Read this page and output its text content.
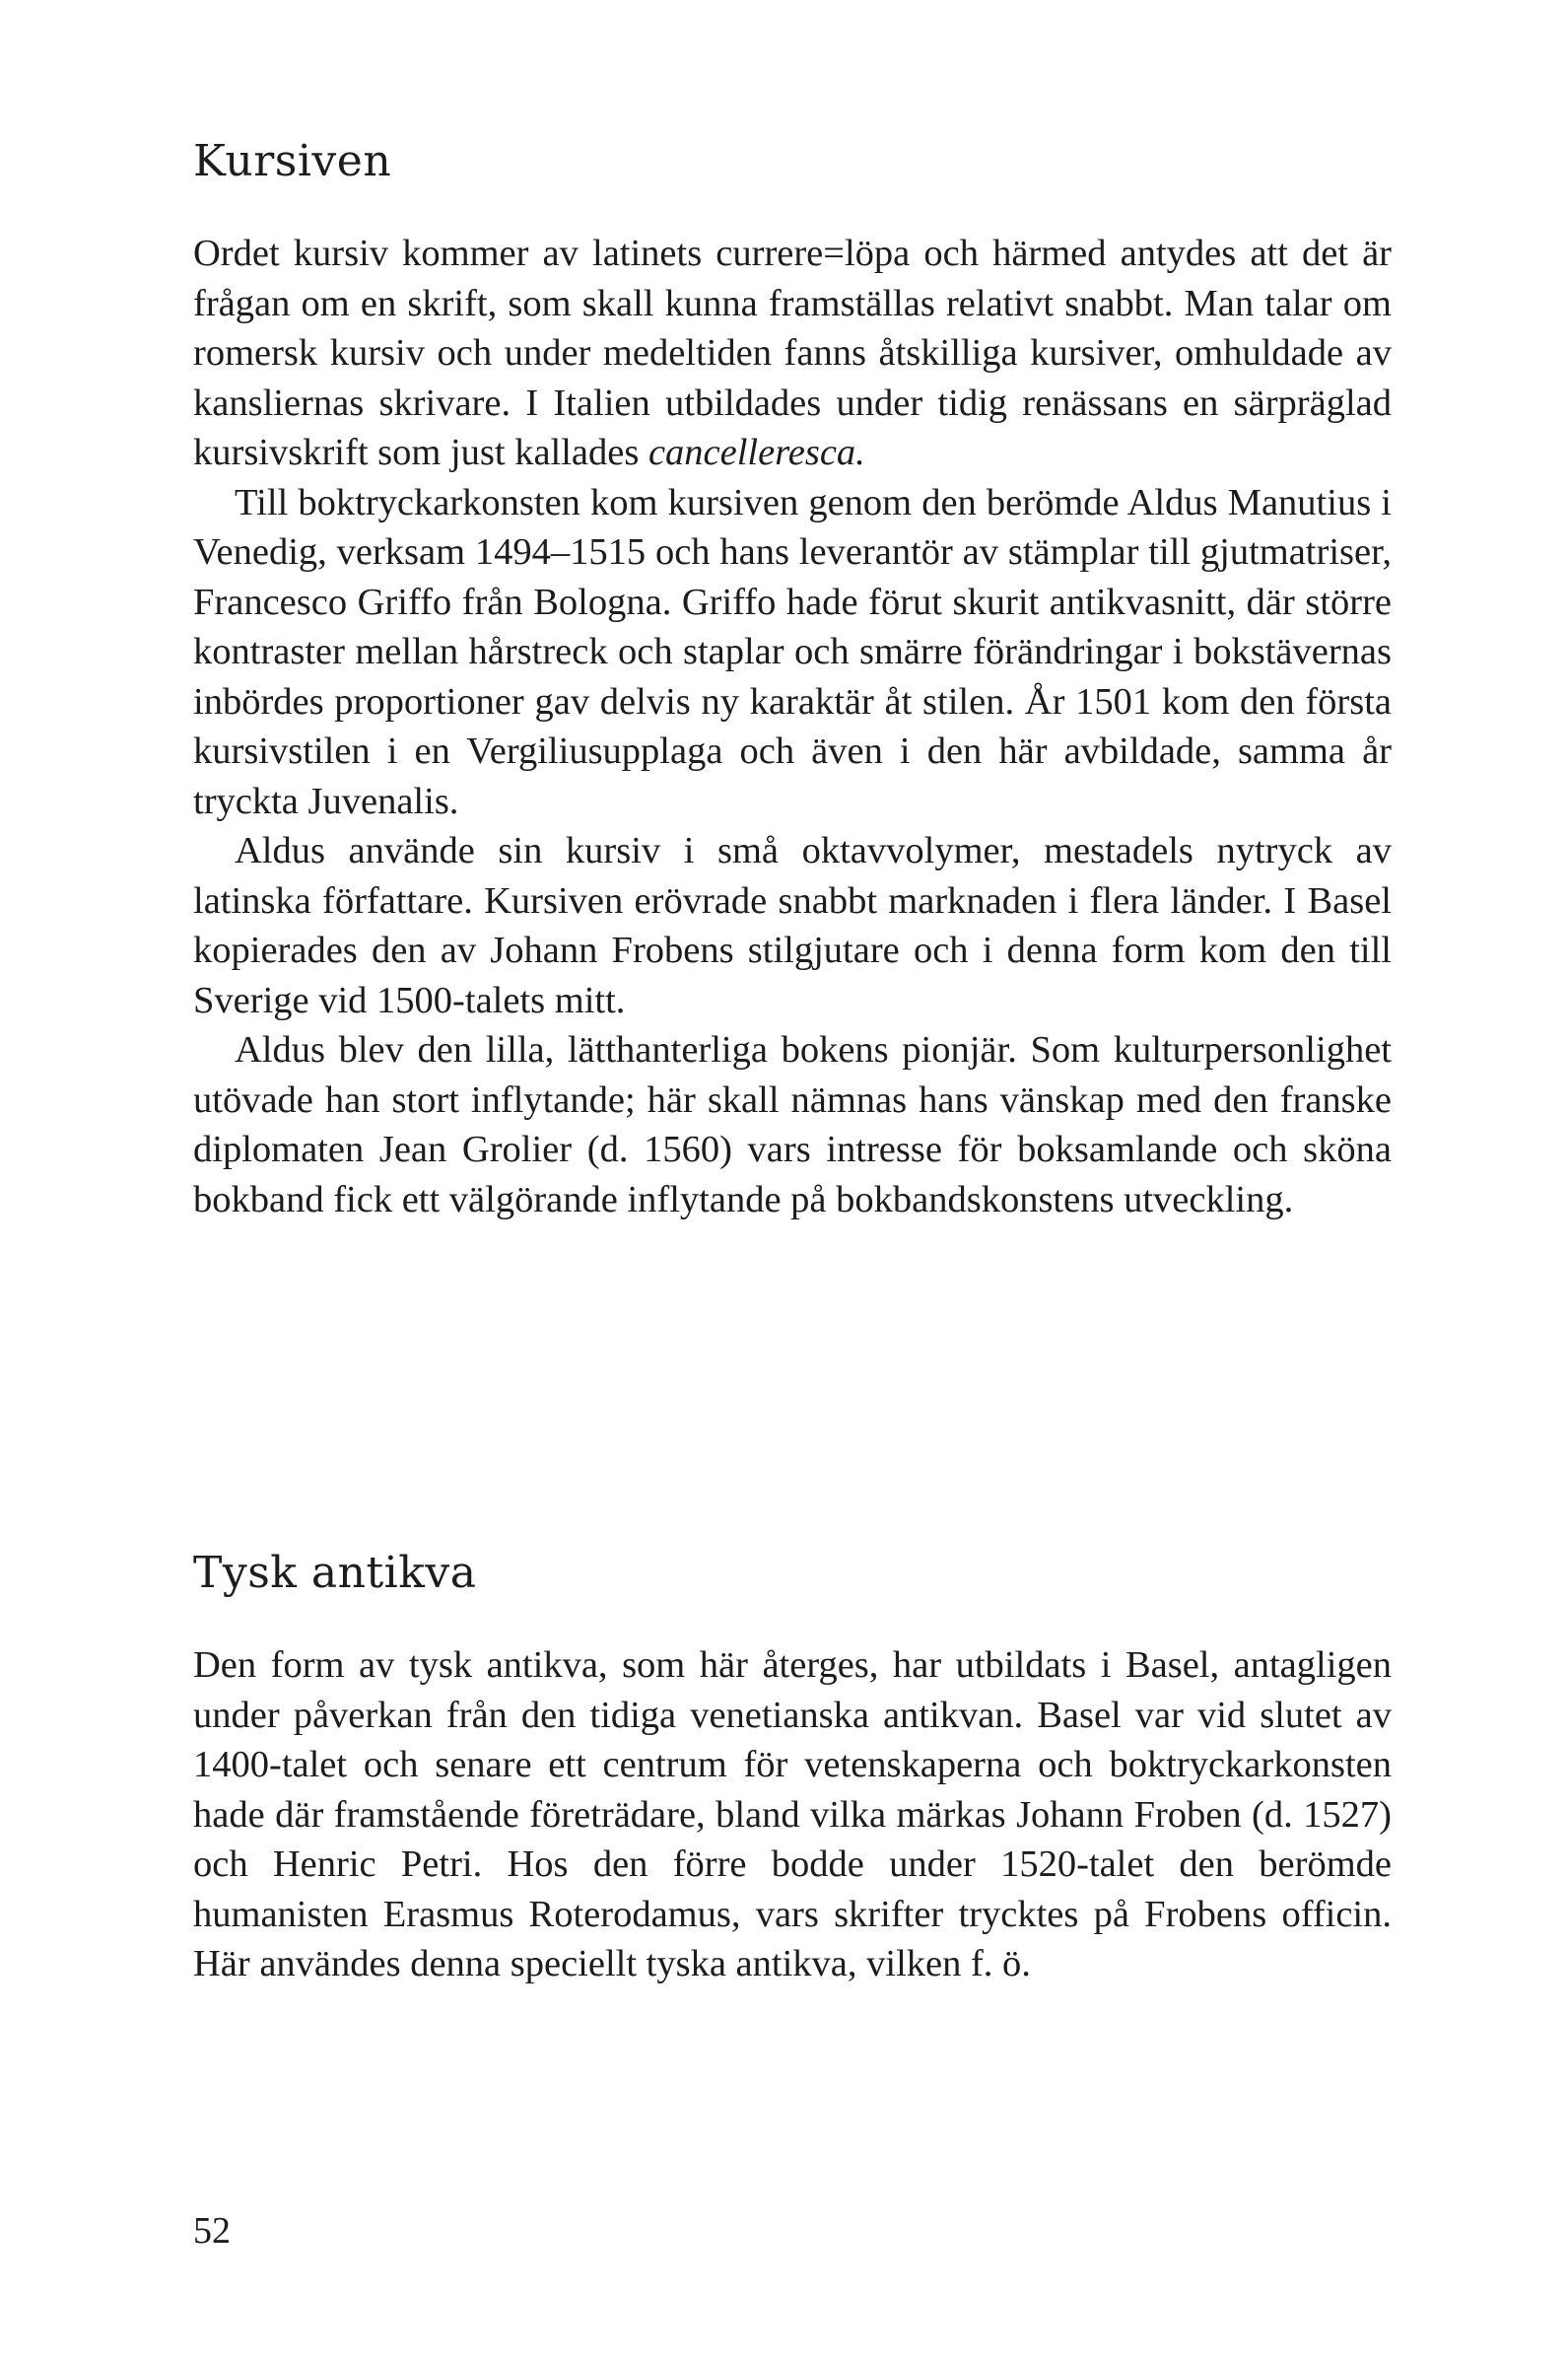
Kursiven

Ordet kursiv kommer av latinets currere=löpa och härmed antydes att det är frågan om en skrift, som skall kunna framställas relativt snabbt. Man talar om romersk kursiv och under medeltiden fanns åtskilliga kursiver, omhuldade av kansliernas skrivare. I Italien utbildades under tidig renässans en särpräglad kursivskrift som just kallades cancelleresca.

Till boktryckarkonsten kom kursiven genom den berömde Aldus Manutius i Venedig, verksam 1494–1515 och hans leverantör av stämplar till gjutmatriser, Francesco Griffo från Bologna. Griffo hade förut skurit antikvasnitt, där större kontraster mellan hårstreck och staplar och smärre förändringar i bokstävernas inbördes proportioner gav delvis ny karaktär åt stilen. År 1501 kom den första kursivstilen i en Vergiliusupplaga och även i den här avbildade, samma år tryckta Juvenalis.

Aldus använde sin kursiv i små oktavvolymer, mestadels nytryck av latinska författare. Kursiven erövrade snabbt marknaden i flera länder. I Basel kopierades den av Johann Frobens stilgjutare och i denna form kom den till Sverige vid 1500-talets mitt.

Aldus blev den lilla, lätthanterliga bokens pionjär. Som kulturpersonlighet utövade han stort inflytande; här skall nämnas hans vänskap med den franske diplomaten Jean Grolier (d. 1560) vars intresse för boksamlande och sköna bokband fick ett välgörande inflytande på bokbandskonstens utveckling.

Tysk antikva

Den form av tysk antikva, som här återges, har utbildats i Basel, antagligen under påverkan från den tidiga venetianska antikvan. Basel var vid slutet av 1400-talet och senare ett centrum för vetenskaperna och boktryckarkonsten hade där framstående företrädare, bland vilka märkas Johann Froben (d. 1527) och Henric Petri. Hos den förre bodde under 1520-talet den berömde humanisten Erasmus Roterodamus, vars skrifter trycktes på Frobens officin. Här användes denna speciellt tyska antikva, vilken f. ö.

52
